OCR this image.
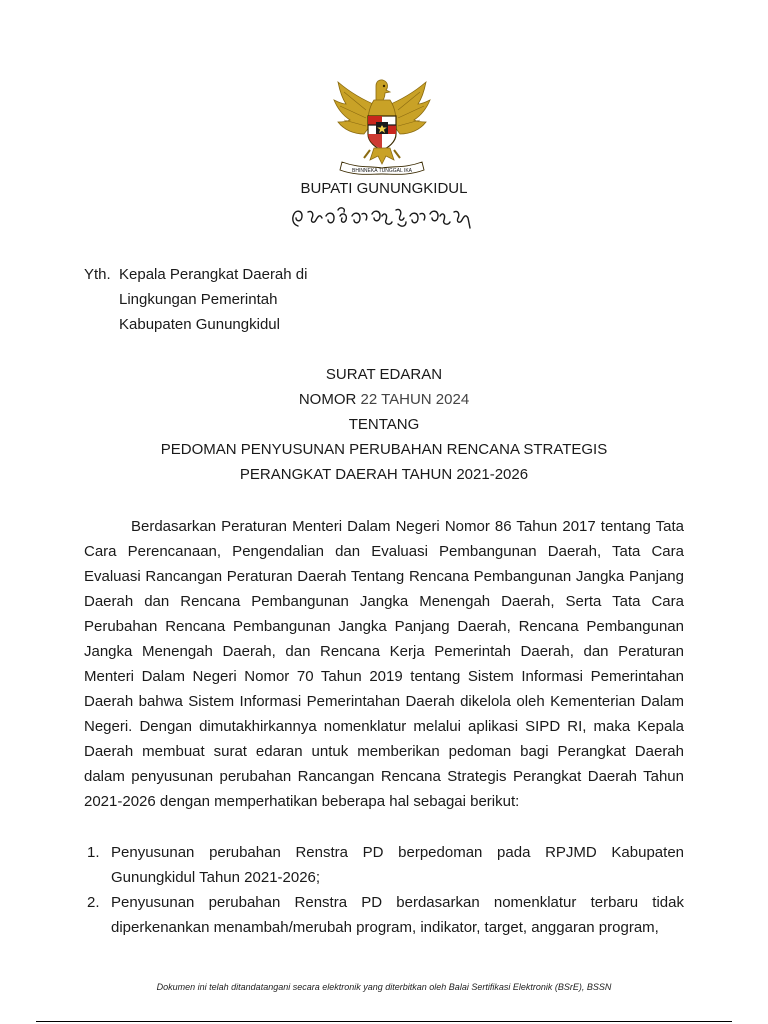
BHINNEKA TUNGGAL IKA
BUPATI GUNUNGKIDUL
ꦧꦸꦥꦠꦶꦒꦸꦤꦸꦁꦏꦶꦢꦸꦭ꧀
Yth. Kepala Perangkat Daerah di
Lingkungan Pemerintah
Kabupaten Gunungkidul
SURAT EDARAN
NOMOR 22 TAHUN 2024
TENTANG
PEDOMAN PENYUSUNAN PERUBAHAN RENCANA STRATEGIS
PERANGKAT DAERAH TAHUN 2021-2026
Berdasarkan Peraturan Menteri Dalam Negeri Nomor 86 Tahun 2017 tentang Tata Cara Perencanaan, Pengendalian dan Evaluasi Pembangunan Daerah, Tata Cara Evaluasi Rancangan Peraturan Daerah Tentang Rencana Pembangunan Jangka Panjang Daerah dan Rencana Pembangunan Jangka Menengah Daerah, Serta Tata Cara Perubahan Rencana Pembangunan Jangka Panjang Daerah, Rencana Pembangunan Jangka Menengah Daerah, dan Rencana Kerja Pemerintah Daerah, dan Peraturan Menteri Dalam Negeri Nomor 70 Tahun 2019 tentang Sistem Informasi Pemerintahan Daerah bahwa Sistem Informasi Pemerintahan Daerah dikelola oleh Kementerian Dalam Negeri. Dengan dimutakhirkannya nomenklatur melalui aplikasi SIPD RI, maka Kepala Daerah membuat surat edaran untuk memberikan pedoman bagi Perangkat Daerah dalam penyusunan perubahan Rancangan Rencana Strategis Perangkat Daerah Tahun 2021-2026 dengan memperhatikan beberapa hal sebagai berikut:
1. Penyusunan perubahan Renstra PD berpedoman pada RPJMD Kabupaten Gunungkidul Tahun 2021-2026;
2. Penyusunan perubahan Renstra PD berdasarkan nomenklatur terbaru tidak diperkenankan menambah/merubah program, indikator, target, anggaran program,
Dokumen ini telah ditandatangani secara elektronik yang diterbitkan oleh Balai Sertifikasi Elektronik (BSrE), BSSN
